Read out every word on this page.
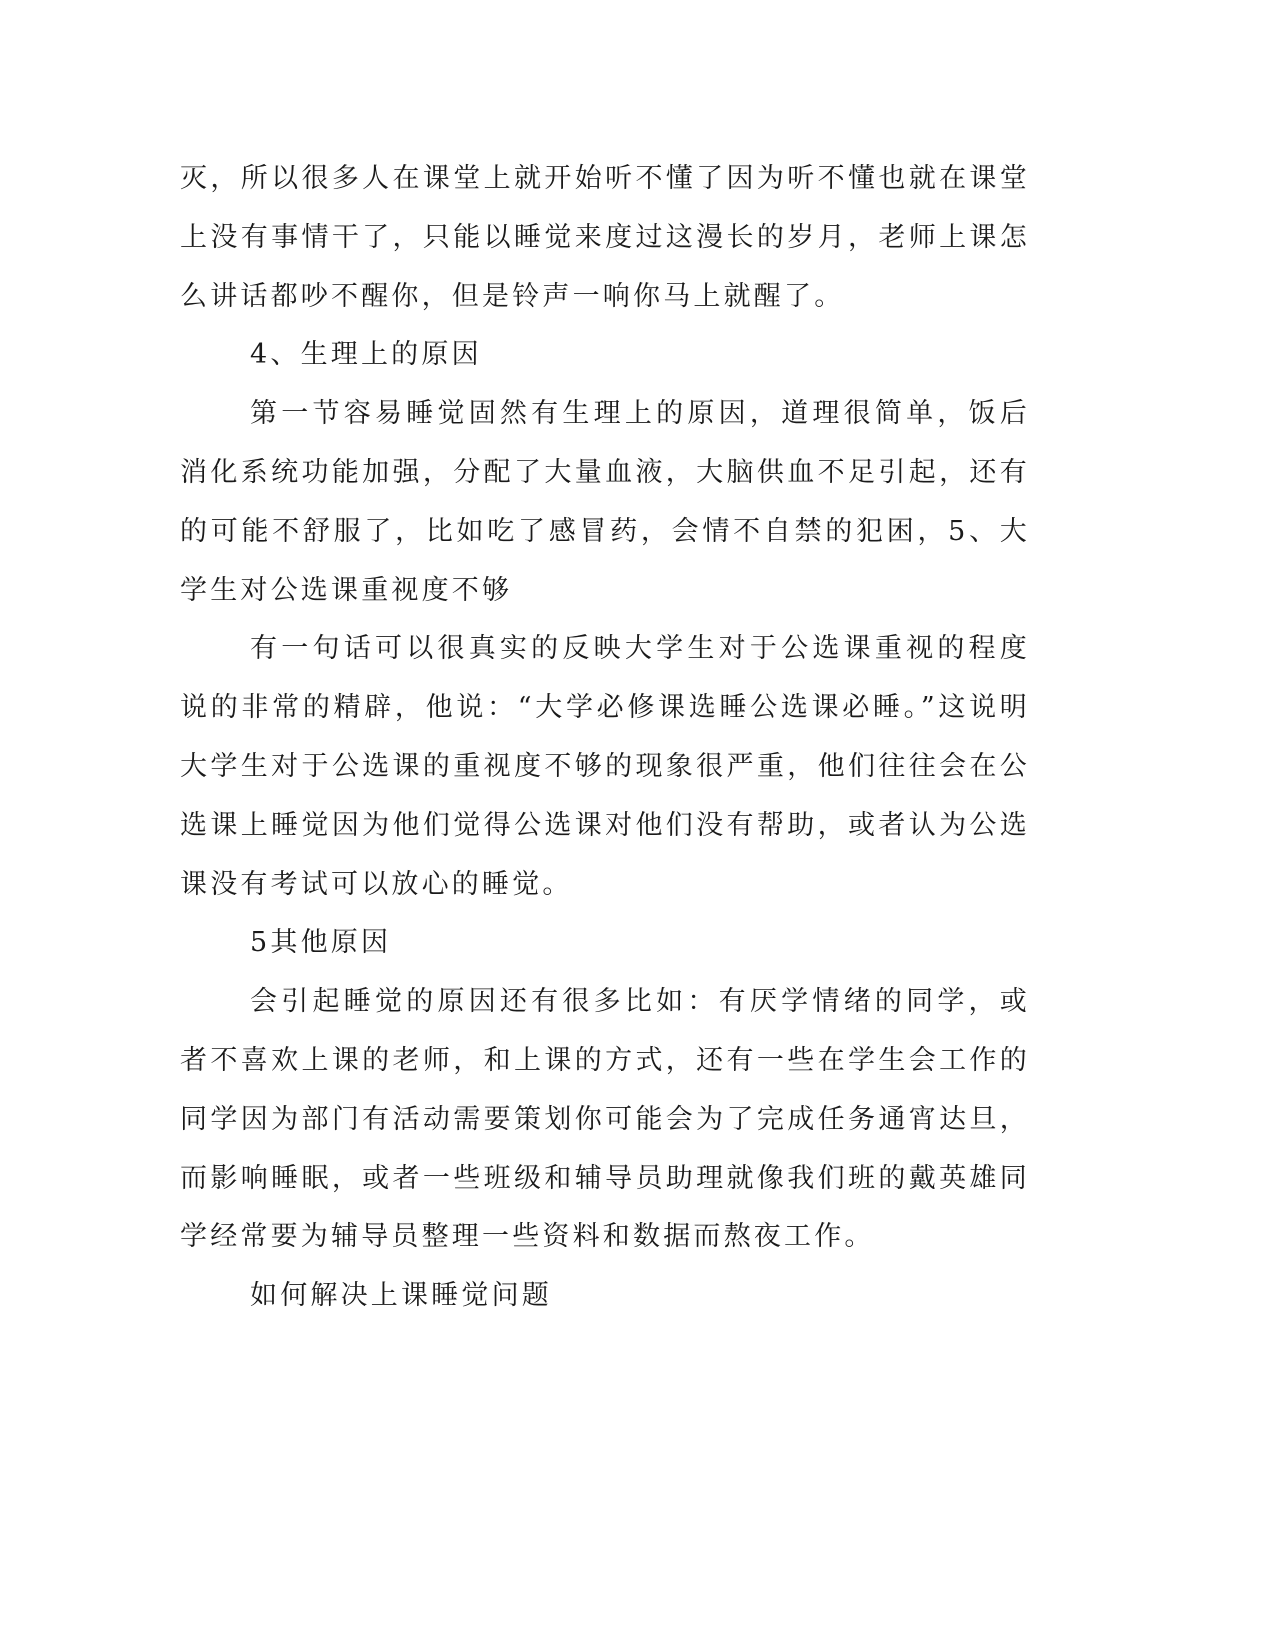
灭，所以很多人在课堂上就开始听不懂了因为听不懂也就在课堂上没有事情干了，只能以睡觉来度过这漫长的岁月，老师上课怎么讲话都吵不醒你，但是铃声一响你马上就醒了。

4、生理上的原因

第一节容易睡觉固然有生理上的原因，道理很简单，饭后消化系统功能加强，分配了大量血液，大脑供血不足引起，还有的可能不舒服了，比如吃了感冒药，会情不自禁的犯困，5、大学生对公选课重视度不够

有一句话可以很真实的反映大学生对于公选课重视的程度说的非常的精辟，他说：“大学必修课选睡公选课必睡。”这说明大学生对于公选课的重视度不够的现象很严重，他们往往会在公选课上睡觉因为他们觉得公选课对他们没有帮助，或者认为公选课没有考试可以放心的睡觉。

5其他原因

会引起睡觉的原因还有很多比如：有厌学情绪的同学，或者不喜欢上课的老师，和上课的方式，还有一些在学生会工作的同学因为部门有活动需要策划你可能会为了完成任务通宵达旦，而影响睡眠，或者一些班级和辅导员助理就像我们班的戴英雄同学经常要为辅导员整理一些资料和数据而熬夜工作。

如何解决上课睡觉问题
